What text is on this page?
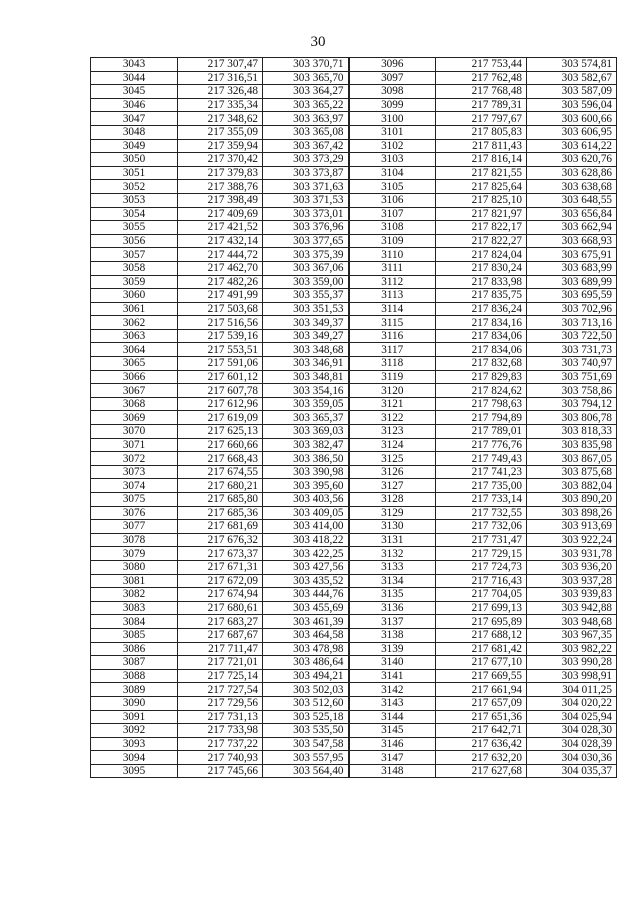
30
3043	217 307,47	303 370,71	3096	217 753,44	303 574,81
3044	217 316,51	303 365,70	3097	217 762,48	303 582,67
3045	217 326,48	303 364,27	3098	217 768,48	303 587,09
3046	217 335,34	303 365,22	3099	217 789,31	303 596,04
3047	217 348,62	303 363,97	3100	217 797,67	303 600,66
3048	217 355,09	303 365,08	3101	217 805,83	303 606,95
3049	217 359,94	303 367,42	3102	217 811,43	303 614,22
3050	217 370,42	303 373,29	3103	217 816,14	303 620,76
3051	217 379,83	303 373,87	3104	217 821,55	303 628,86
3052	217 388,76	303 371,63	3105	217 825,64	303 638,68
3053	217 398,49	303 371,53	3106	217 825,10	303 648,55
3054	217 409,69	303 373,01	3107	217 821,97	303 656,84
3055	217 421,52	303 376,96	3108	217 822,17	303 662,94
3056	217 432,14	303 377,65	3109	217 822,27	303 668,93
3057	217 444,72	303 375,39	3110	217 824,04	303 675,91
3058	217 462,70	303 367,06	3111	217 830,24	303 683,99
3059	217 482,26	303 359,00	3112	217 833,98	303 689,99
3060	217 491,99	303 355,37	3113	217 835,75	303 695,59
3061	217 503,68	303 351,53	3114	217 836,24	303 702,96
3062	217 516,56	303 349,37	3115	217 834,16	303 713,16
3063	217 539,16	303 349,27	3116	217 834,06	303 722,50
3064	217 553,51	303 348,68	3117	217 834,06	303 731,73
3065	217 591,06	303 346,91	3118	217 832,68	303 740,97
3066	217 601,12	303 348,81	3119	217 829,83	303 751,69
3067	217 607,78	303 354,16	3120	217 824,62	303 758,86
3068	217 612,96	303 359,05	3121	217 798,63	303 794,12
3069	217 619,09	303 365,37	3122	217 794,89	303 806,78
3070	217 625,13	303 369,03	3123	217 789,01	303 818,33
3071	217 660,66	303 382,47	3124	217 776,76	303 835,98
3072	217 668,43	303 386,50	3125	217 749,43	303 867,05
3073	217 674,55	303 390,98	3126	217 741,23	303 875,68
3074	217 680,21	303 395,60	3127	217 735,00	303 882,04
3075	217 685,80	303 403,56	3128	217 733,14	303 890,20
3076	217 685,36	303 409,05	3129	217 732,55	303 898,26
3077	217 681,69	303 414,00	3130	217 732,06	303 913,69
3078	217 676,32	303 418,22	3131	217 731,47	303 922,24
3079	217 673,37	303 422,25	3132	217 729,15	303 931,78
3080	217 671,31	303 427,56	3133	217 724,73	303 936,20
3081	217 672,09	303 435,52	3134	217 716,43	303 937,28
3082	217 674,94	303 444,76	3135	217 704,05	303 939,83
3083	217 680,61	303 455,69	3136	217 699,13	303 942,88
3084	217 683,27	303 461,39	3137	217 695,89	303 948,68
3085	217 687,67	303 464,58	3138	217 688,12	303 967,35
3086	217 711,47	303 478,98	3139	217 681,42	303 982,22
3087	217 721,01	303 486,64	3140	217 677,10	303 990,28
3088	217 725,14	303 494,21	3141	217 669,55	303 998,91
3089	217 727,54	303 502,03	3142	217 661,94	304 011,25
3090	217 729,56	303 512,60	3143	217 657,09	304 020,22
3091	217 731,13	303 525,18	3144	217 651,36	304 025,94
3092	217 733,98	303 535,50	3145	217 642,71	304 028,30
3093	217 737,22	303 547,58	3146	217 636,42	304 028,39
3094	217 740,93	303 557,95	3147	217 632,20	304 030,36
3095	217 745,66	303 564,40	3148	217 627,68	304 035,37
